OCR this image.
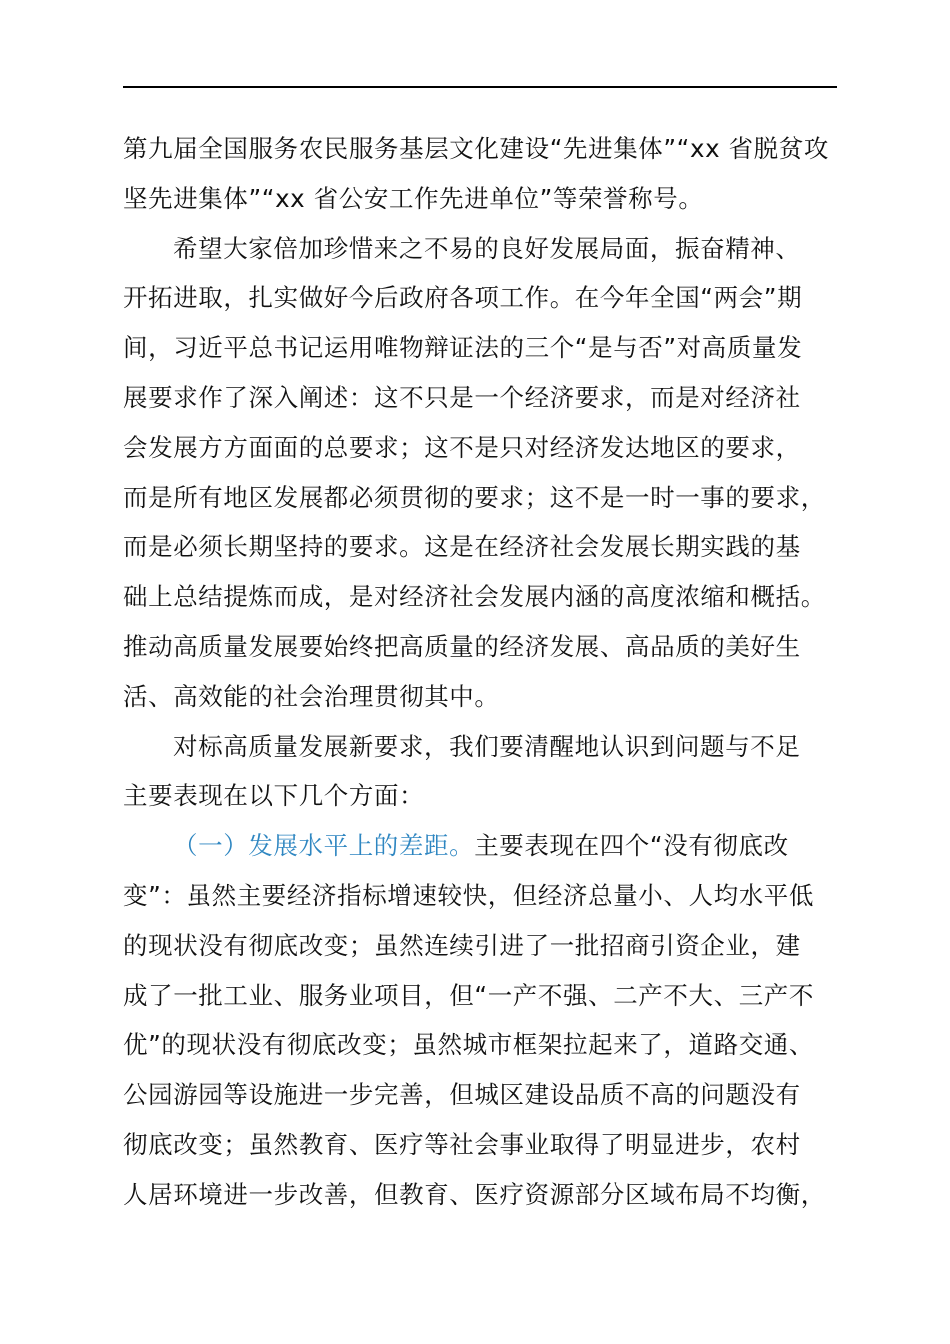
第九届全国服务农民服务基层文化建设“先进集体”“xx 省脱贫攻
坚先进集体”“xx 省公安工作先进单位”等荣誉称号。
希望大家倍加珍惜来之不易的良好发展局面，振奋精神、
开拓进取，扎实做好今后政府各项工作。在今年全国“两会”期
间，习近平总书记运用唯物辩证法的三个“是与否”对高质量发
展要求作了深入阐述：这不只是一个经济要求，而是对经济社
会发展方方面面的总要求；这不是只对经济发达地区的要求，
而是所有地区发展都必须贯彻的要求；这不是一时一事的要求，
而是必须长期坚持的要求。这是在经济社会发展长期实践的基
础上总结提炼而成，是对经济社会发展内涵的高度浓缩和概括。
推动高质量发展要始终把高质量的经济发展、高品质的美好生
活、高效能的社会治理贯彻其中。
对标高质量发展新要求，我们要清醒地认识到问题与不足
主要表现在以下几个方面：
（一）发展水平上的差距。主要表现在四个“没有彻底改
变”：虽然主要经济指标增速较快，但经济总量小、人均水平低
的现状没有彻底改变；虽然连续引进了一批招商引资企业，建
成了一批工业、服务业项目，但“一产不强、二产不大、三产不
优”的现状没有彻底改变；虽然城市框架拉起来了，道路交通、
公园游园等设施进一步完善，但城区建设品质不高的问题没有
彻底改变；虽然教育、医疗等社会事业取得了明显进步，农村
人居环境进一步改善，但教育、医疗资源部分区域布局不均衡，
